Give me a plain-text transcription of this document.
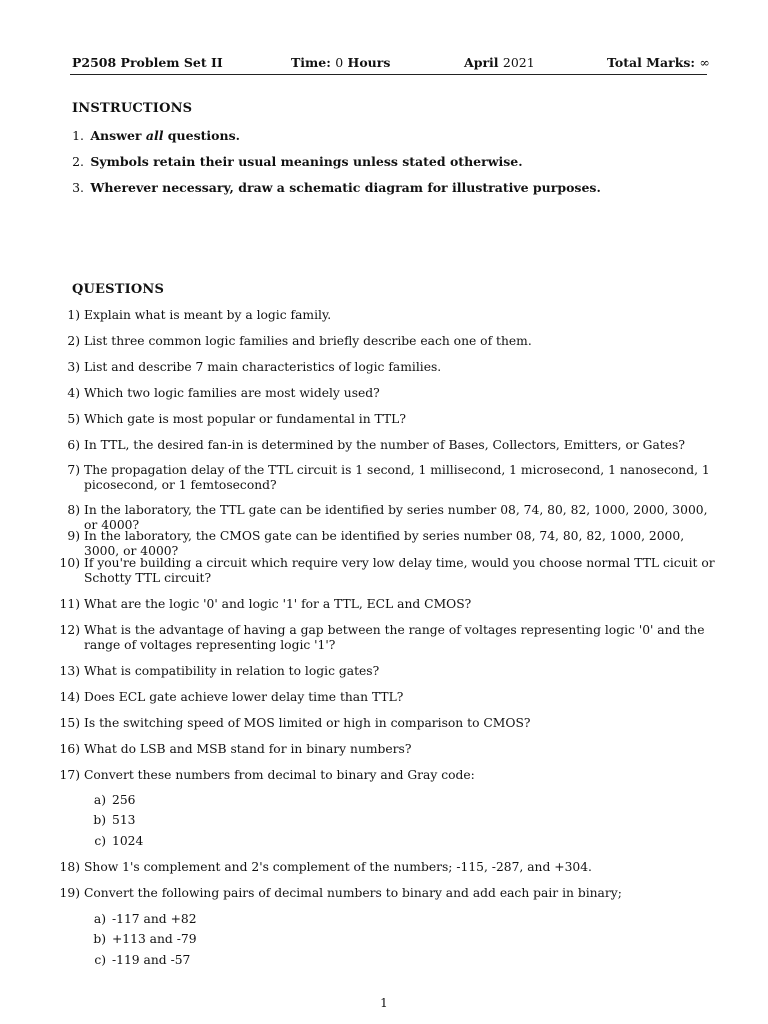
P2508 Problem Set II	Time: 0 Hours	April 2021	Total Marks: ∞
INSTRUCTIONS
1. Answer all questions.
2. Symbols retain their usual meanings unless stated otherwise.
3. Wherever necessary, draw a schematic diagram for illustrative purposes.
QUESTIONS
1) Explain what is meant by a logic family.
2) List three common logic families and briefly describe each one of them.
3) List and describe 7 main characteristics of logic families.
4) Which two logic families are most widely used?
5) Which gate is most popular or fundamental in TTL?
6) In TTL, the desired fan-in is determined by the number of Bases, Collectors, Emitters, or Gates?
7) The propagation delay of the TTL circuit is 1 second, 1 millisecond, 1 microsecond, 1 nanosecond, 1 picosecond, or 1 femtosecond?
8) In the laboratory, the TTL gate can be identified by series number 08, 74, 80, 82, 1000, 2000, 3000, or 4000?
9) In the laboratory, the CMOS gate can be identified by series number 08, 74, 80, 82, 1000, 2000, 3000, or 4000?
10) If you're building a circuit which require very low delay time, would you choose normal TTL cicuit or Schotty TTL circuit?
11) What are the logic '0' and logic '1' for a TTL, ECL and CMOS?
12) What is the advantage of having a gap between the range of voltages representing logic '0' and the range of voltages representing logic '1'?
13) What is compatibility in relation to logic gates?
14) Does ECL gate achieve lower delay time than TTL?
15) Is the switching speed of MOS limited or high in comparison to CMOS?
16) What do LSB and MSB stand for in binary numbers?
17) Convert these numbers from decimal to binary and Gray code:
a) 256
b) 513
c) 1024
18) Show 1's complement and 2's complement of the numbers; -115, -287, and +304.
19) Convert the following pairs of decimal numbers to binary and add each pair in binary;
a) -117 and +82
b) +113 and -79
c) -119 and -57
1
